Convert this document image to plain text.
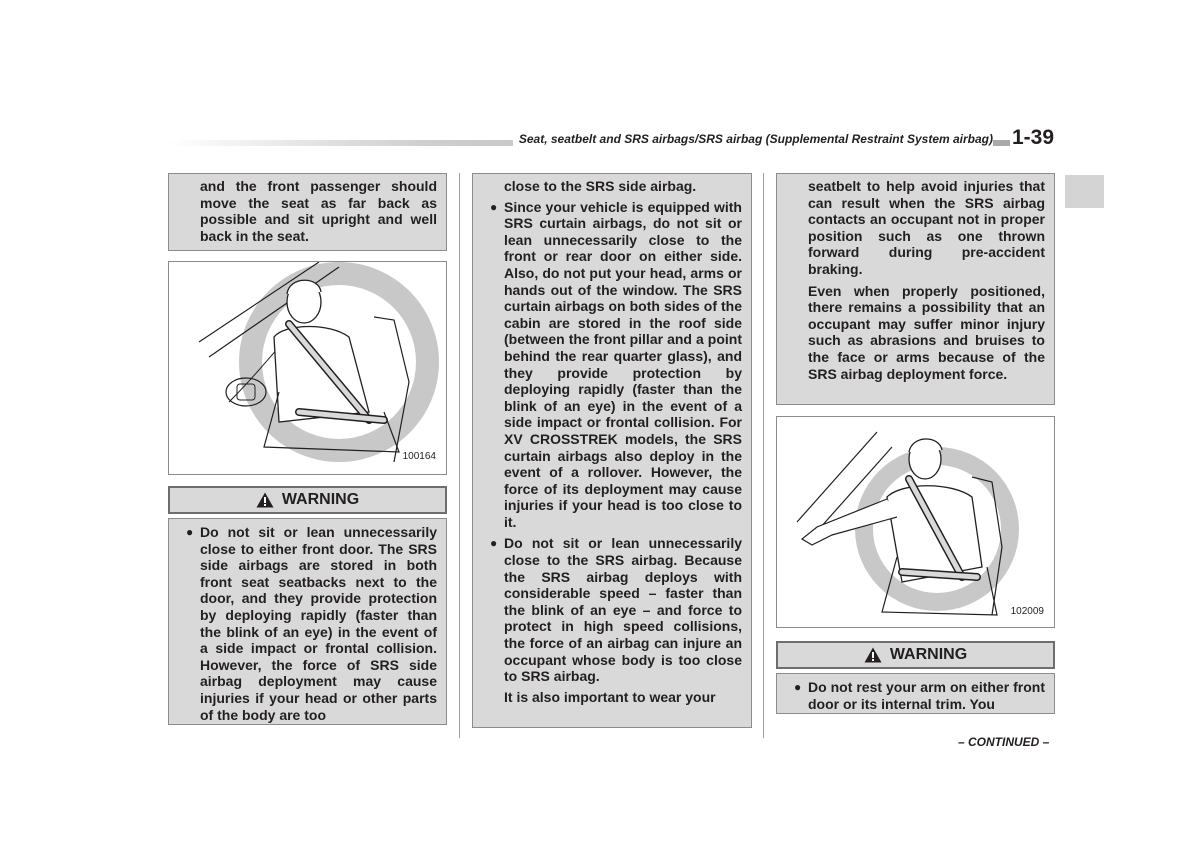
Seat, seatbelt and SRS airbags/SRS airbag (Supplemental Restraint System airbag) 1-39
and the front passenger should move the seat as far back as possible and sit upright and well back in the seat.
100164
WARNING
● Do not sit or lean unnecessarily close to either front door. The SRS side airbags are stored in both front seat seatbacks next to the door, and they provide protection by deploying rapidly (faster than the blink of an eye) in the event of a side impact or frontal collision. However, the force of SRS side airbag deployment may cause injuries if your head or other parts of the body are too
close to the SRS side airbag.
● Since your vehicle is equipped with SRS curtain airbags, do not sit or lean unnecessarily close to the front or rear door on either side. Also, do not put your head, arms or hands out of the window. The SRS curtain airbags on both sides of the cabin are stored in the roof side (between the front pillar and a point behind the rear quarter glass), and they provide protection by deploying rapidly (faster than the blink of an eye) in the event of a side impact or frontal collision. For XV CROSSTREK models, the SRS curtain airbags also deploy in the event of a rollover. However, the force of its deployment may cause injuries if your head is too close to it.
● Do not sit or lean unnecessarily close to the SRS airbag. Because the SRS airbag deploys with considerable speed – faster than the blink of an eye – and force to protect in high speed collisions, the force of an airbag can injure an occupant whose body is too close to SRS airbag.
It is also important to wear your
seatbelt to help avoid injuries that can result when the SRS airbag contacts an occupant not in proper position such as one thrown forward during pre-accident braking.
Even when properly positioned, there remains a possibility that an occupant may suffer minor injury such as abrasions and bruises to the face or arms because of the SRS airbag deployment force.
102009
WARNING
● Do not rest your arm on either front door or its internal trim. You
– CONTINUED –
